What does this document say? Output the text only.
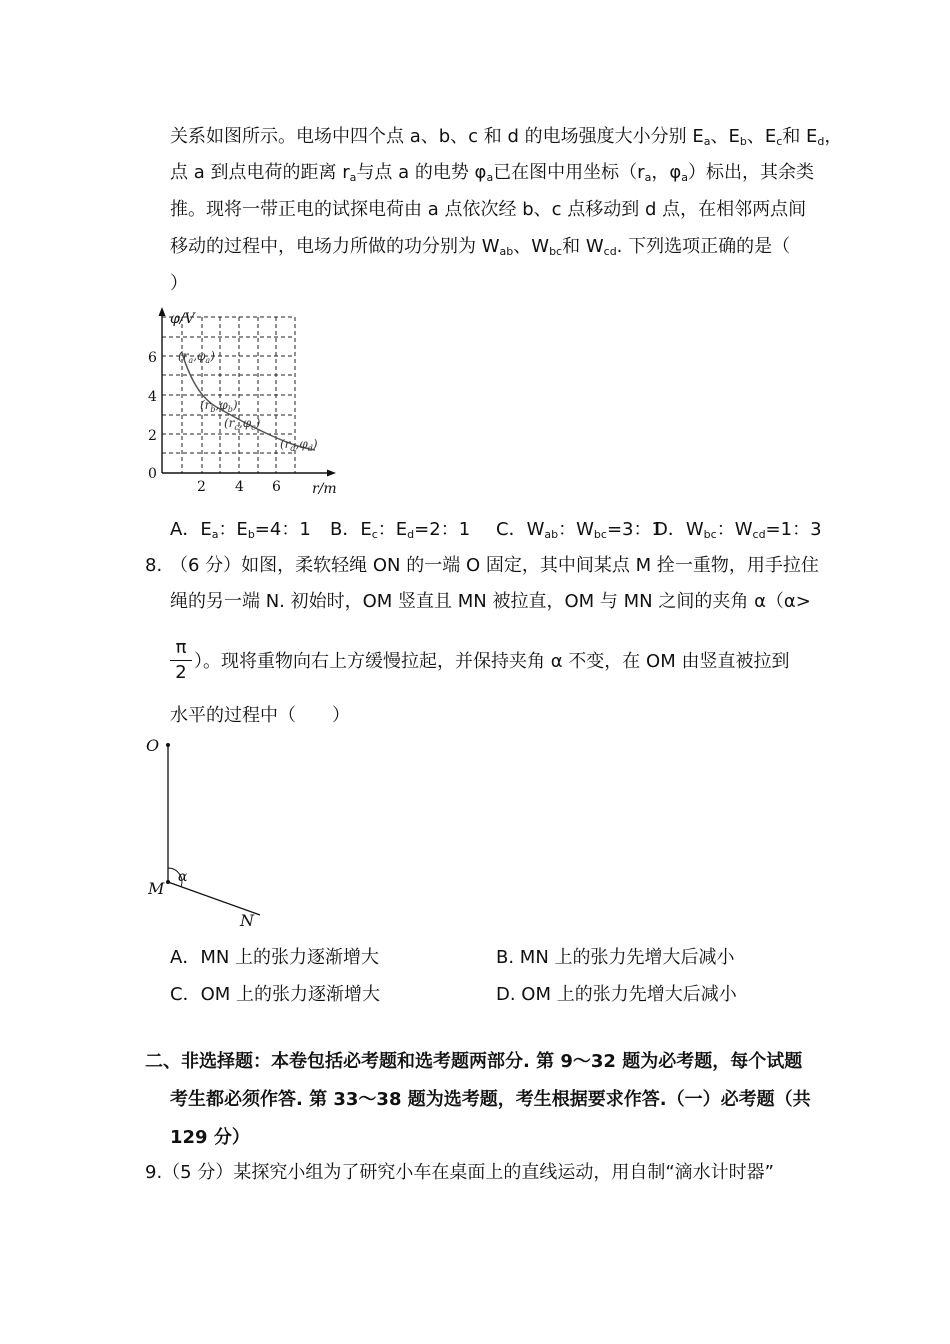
关系如图所示。电场中四个点 a、b、c 和 d 的电场强度大小分别 $E_a$、$E_b$、$E_c$和 $E_d$，
点 a 到点电荷的距离 $r_a$与点 a 的电势 $\varphi_a$已在图中用坐标（$r_a$，$\varphi_a$）标出，其余类
推。现将一带正电的试探电荷由 a 点依次经 b、c 点移动到 d 点，在相邻两点间
移动的过程中，电场力所做的功分别为 $W_{ab}$、$W_{bc}$和 $W_{cd}$. 下列选项正确的是（
）
φ/V
r/m
6
4
2
0
2 4 6
$(r_a,\varphi_a)$
$(r_b,\varphi_b)$
$(r_c,\varphi_c)$
$(r_d,\varphi_d)$
A．$E_a$：$E_b=4$：1 B．$E_c$：$E_d=2$：1 C．$W_{ab}$：$W_{bc}=3$：1
D．$W_{bc}$：$W_{cd}=1$：3
8. （6 分）如图，柔软轻绳 ON 的一端 O 固定，其中间某点 M 拴一重物，用手拉住
绳的另一端 N. 初始时，OM 竖直且 MN 被拉直，OM 与 MN 之间的夹角 α（α>
$\frac{\pi}{2}$ ）。现将重物向右上方缓慢拉起，并保持夹角 α 不变，在 OM 由竖直被拉到
水平的过程中（　　）
O
M
N
α
A．MN 上的张力逐渐增大	B. MN 上的张力先增大后减小
C．OM 上的张力逐渐增大	D. OM 上的张力先增大后减小
二、非选择题：本卷包括必考题和选考题两部分. 第 9～32 题为必考题，每个试题
考生都必须作答. 第 33～38 题为选考题，考生根据要求作答.（一）必考题（共
129 分）
9.（5 分）某探究小组为了研究小车在桌面上的直线运动，用自制“滴水计时器”
